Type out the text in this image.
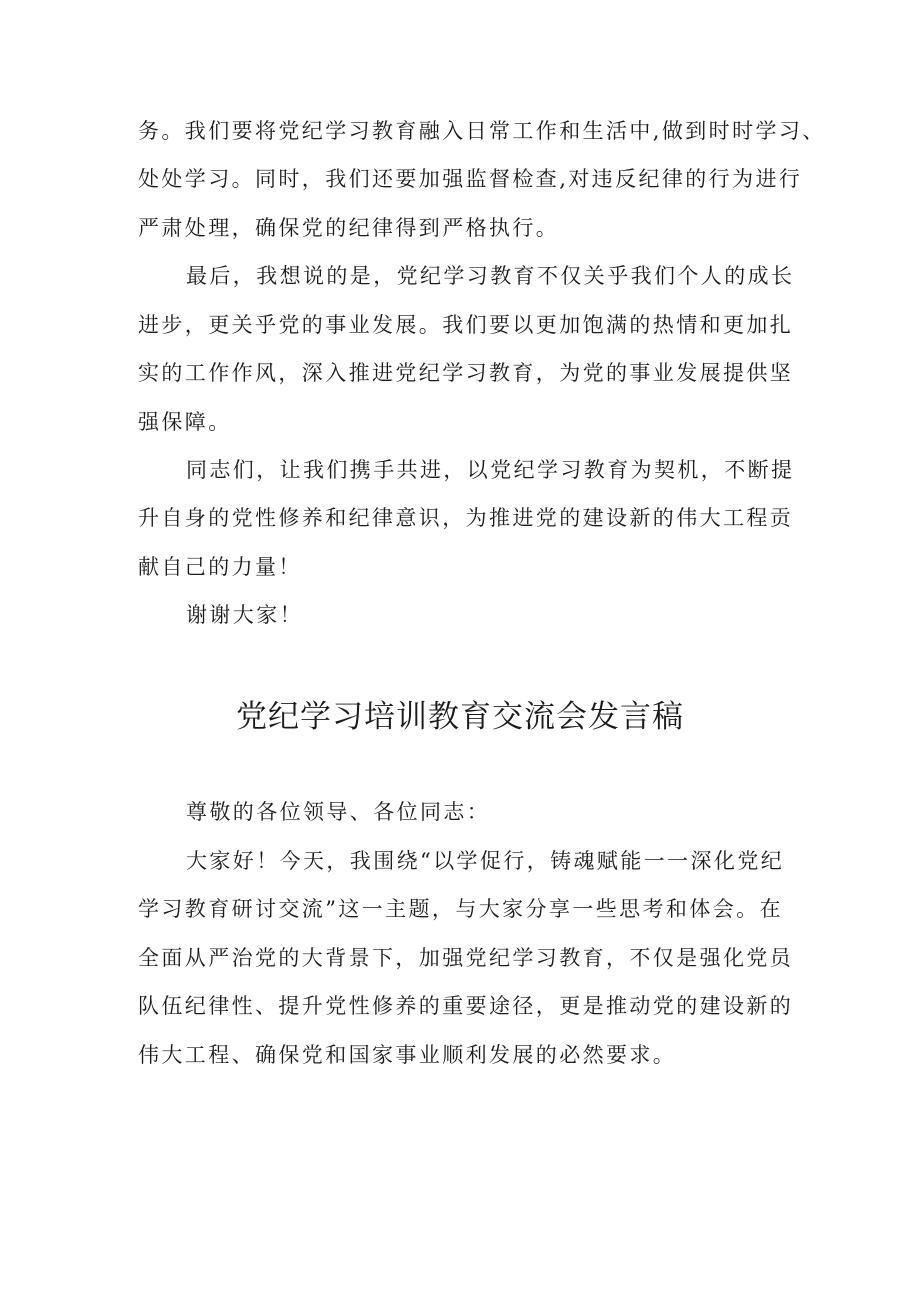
务。我们要将党纪学习教育融入日常工作和生活中,做到时时学习、
处处学习。同时，我们还要加强监督检查,对违反纪律的行为进行
严肃处理，确保党的纪律得到严格执行。
最后，我想说的是，党纪学习教育不仅关乎我们个人的成长
进步，更关乎党的事业发展。我们要以更加饱满的热情和更加扎
实的工作作风，深入推进党纪学习教育，为党的事业发展提供坚
强保障。
同志们，让我们携手共进，以党纪学习教育为契机，不断提
升自身的党性修养和纪律意识，为推进党的建设新的伟大工程贡
献自己的力量！
谢谢大家！
党纪学习培训教育交流会发言稿
尊敬的各位领导、各位同志：
大家好！今天，我围绕“以学促行，铸魂赋能一一深化党纪
学习教育研讨交流”这一主题，与大家分享一些思考和体会。在
全面从严治党的大背景下，加强党纪学习教育，不仅是强化党员
队伍纪律性、提升党性修养的重要途径，更是推动党的建设新的
伟大工程、确保党和国家事业顺利发展的必然要求。
